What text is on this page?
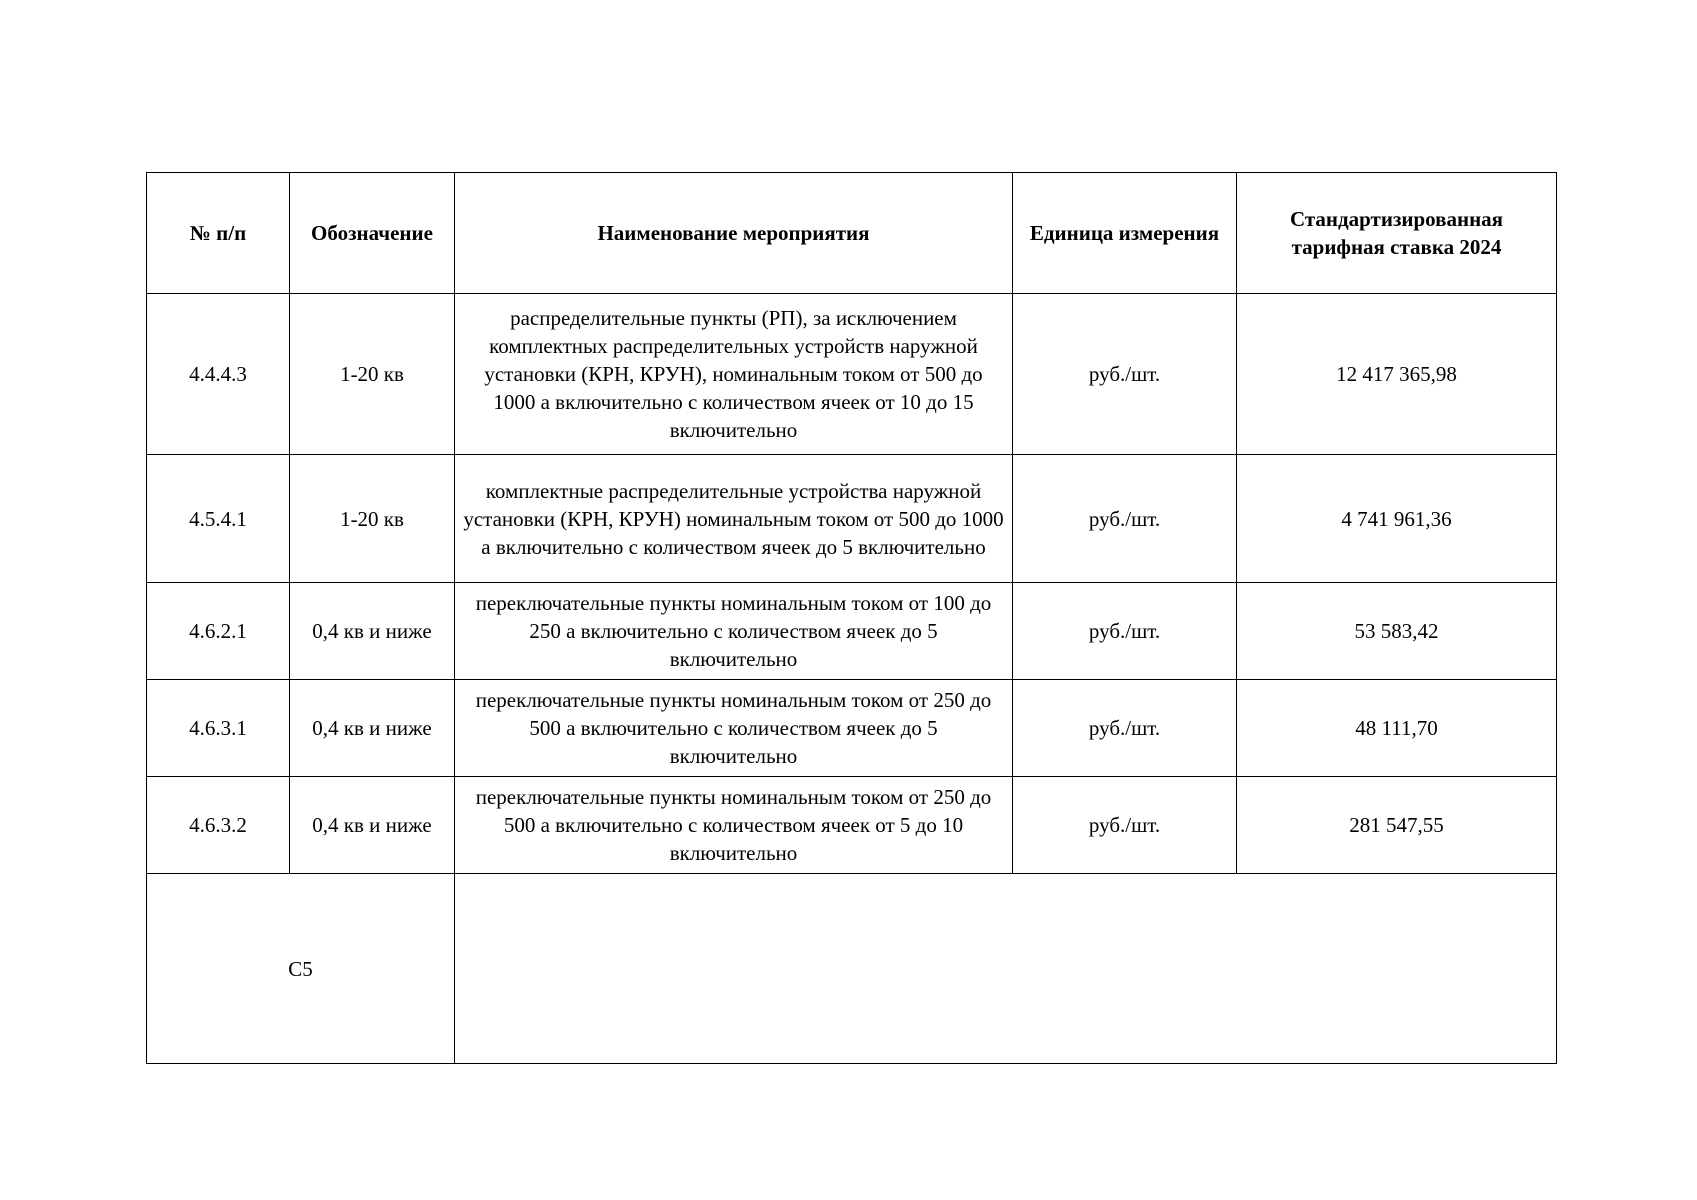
№ п/п	Обозначение	Наименование мероприятия	Единица измерения	Стандартизированная тарифная ставка 2024
4.4.4.3	1-20 кв	распределительные пункты (РП), за исключением комплектных распределительных устройств наружной установки (КРН, КРУН), номинальным током от 500 до 1000 а включительно с количеством ячеек от 10 до 15 включительно	руб./шт.	12 417 365,98
4.5.4.1	1-20 кв	комплектные распределительные устройства наружной установки (КРН, КРУН) номинальным током от 500 до 1000 а включительно с количеством ячеек до 5 включительно	руб./шт.	4 741 961,36
4.6.2.1	0,4 кв и ниже	переключательные пункты номинальным током от 100 до 250 а включительно с количеством ячеек до 5 включительно	руб./шт.	53 583,42
4.6.3.1	0,4 кв и ниже	переключательные пункты номинальным током от 250 до 500 а включительно с количеством ячеек до 5 включительно	руб./шт.	48 111,70
4.6.3.2	0,4 кв и ниже	переключательные пункты номинальным током от 250 до 500 а включительно с количеством ячеек от 5 до 10 включительно	руб./шт.	281 547,55
С5				
